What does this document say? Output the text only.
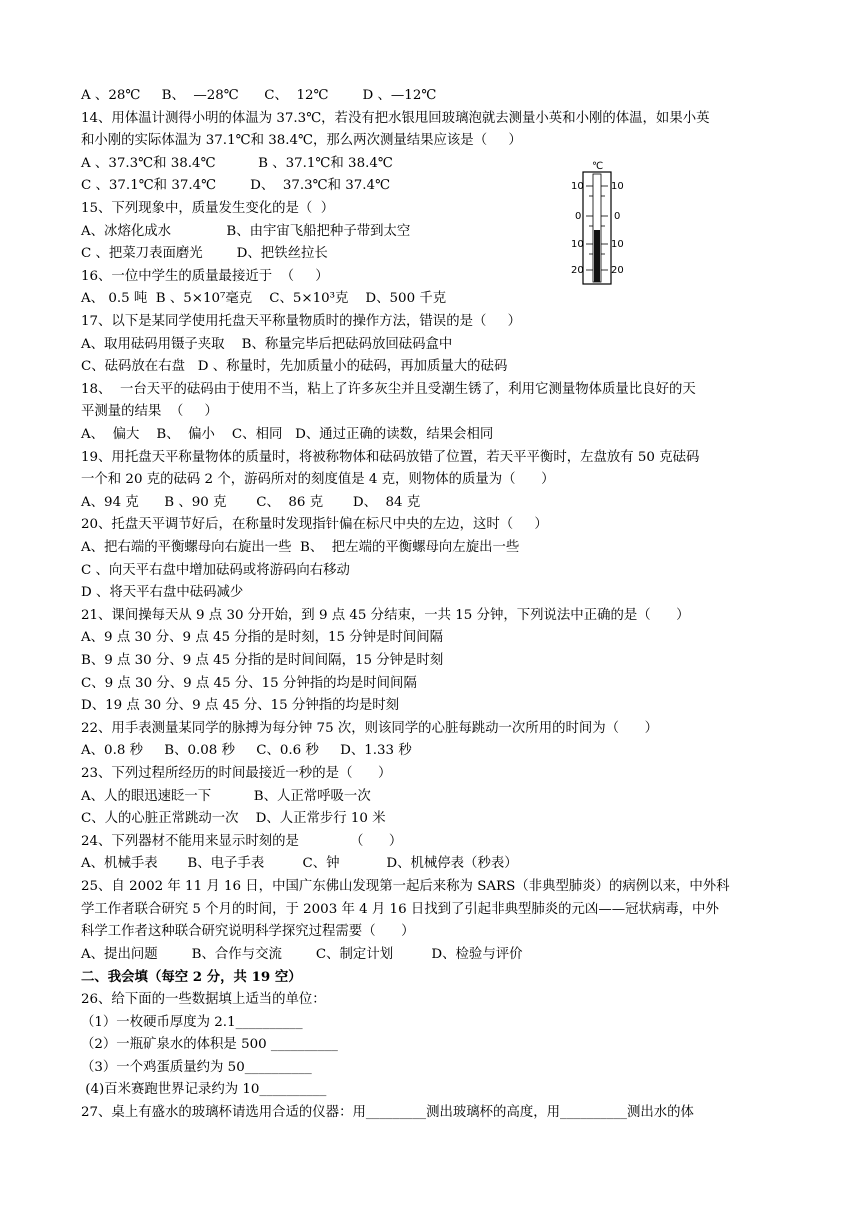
A 、28℃     B、  —28℃      C、  12℃        D 、—12℃
14、用体温计测得小明的体温为 37.3℃，若没有把水银甩回玻璃泡就去测量小英和小刚的体温，如果小英
和小刚的实际体温为 37.1℃和 38.4℃，那么两次测量结果应该是（     ）
A 、37.3℃和 38.4℃          B 、37.1℃和 38.4℃
C 、37.1℃和 37.4℃        D、  37.3℃和 37.4℃
15、下列现象中，质量发生变化的是（  ）
A、冰熔化成水             B、由宇宙飞船把种子带到太空
C 、把菜刀表面磨光        D、把铁丝拉长
16、一位中学生的质量最接近于  （     ）
A、 0.5 吨  B 、5×10⁷毫克    C、5×10³克    D、500 千克
17、以下是某同学使用托盘天平称量物质时的操作方法，错误的是（     ）
A、取用砝码用镊子夹取    B、称量完毕后把砝码放回砝码盒中
C、砝码放在右盘   D 、称量时，先加质量小的砝码，再加质量大的砝码
18、  一台天平的砝码由于使用不当，粘上了许多灰尘并且受潮生锈了，利用它测量物体质量比良好的天
平测量的结果  （     ）
A、  偏大    B、  偏小    C、相同   D、通过正确的读数，结果会相同
19、用托盘天平称量物体的质量时，将被称物体和砝码放错了位置，若天平平衡时，左盘放有 50 克砝码
一个和 20 克的砝码 2 个，游码所对的刻度值是 4 克，则物体的质量为（      ）
A、94 克      B 、90 克       C、  86 克       D、  84 克
20、托盘天平调节好后，在称量时发现指针偏在标尺中央的左边，这时（     ）
A、把右端的平衡螺母向右旋出一些  B、  把左端的平衡螺母向左旋出一些
C 、向天平右盘中增加砝码或将游码向右移动
D 、将天平右盘中砝码减少
21、课间操每天从 9 点 30 分开始，到 9 点 45 分结束，一共 15 分钟，下列说法中正确的是（      ）
A、9 点 30 分、9 点 45 分指的是时刻，15 分钟是时间间隔
B、9 点 30 分、9 点 45 分指的是时间间隔，15 分钟是时刻
C、9 点 30 分、9 点 45 分、15 分钟指的均是时间间隔
D、19 点 30 分、9 点 45 分、15 分钟指的均是时刻
22、用手表测量某同学的脉搏为每分钟 75 次，则该同学的心脏每跳动一次所用的时间为（      ）
A、0.8 秒     B、0.08 秒     C、0.6 秒     D、1.33 秒
23、下列过程所经历的时间最接近一秒的是（      ）
A、人的眼迅速眨一下          B、人正常呼吸一次
C、人的心脏正常跳动一次    D、人正常步行 10 米
24、下列器材不能用来显示时刻的是            （      ）
A、机械手表       B、电子手表         C、钟           D、机械停表（秒表）
25、自 2002 年 11 月 16 日，中国广东佛山发现第一起后来称为 SARS（非典型肺炎）的病例以来，中外科
学工作者联合研究 5 个月的时间，于 2003 年 4 月 16 日找到了引起非典型肺炎的元凶——冠状病毒，中外
科学工作者这种联合研究说明科学探究过程需要（      ）
A、提出问题        B、合作与交流        C、制定计划         D、检验与评价
二、我会填（每空 2 分，共 19 空）
26、给下面的一些数据填上适当的单位：
（1）一枚硬币厚度为 2.1__________
（2）一瓶矿泉水的体积是 500 __________
（3）一个鸡蛋质量约为 50__________
(4)百米赛跑世界记录约为 10__________
27、桌上有盛水的玻璃杯请选用合适的仪器：用_________测出玻璃杯的高度，用__________测出水的体
℃
10
0
10
20
10
0
10
20
